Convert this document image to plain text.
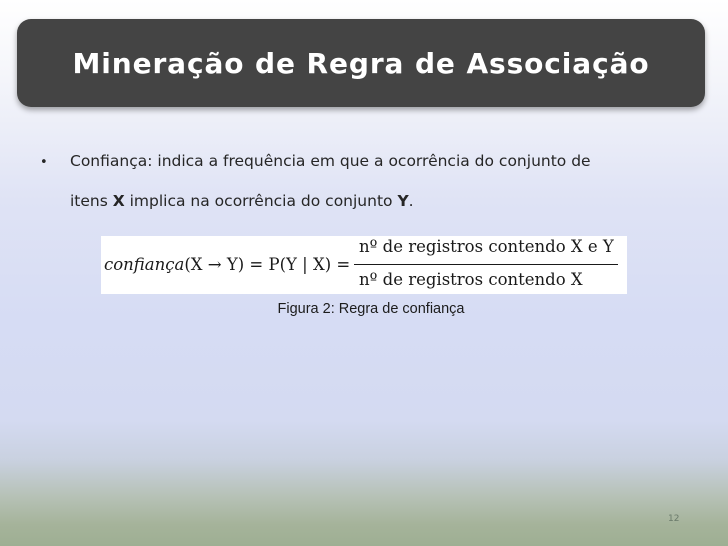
Mineração de Regra de Associação
• Confiança: indica a frequência em que a ocorrência do conjunto de
itens X implica na ocorrência do conjunto Y.
confiança(X → Y) = P(Y | X) =
nº de registros contendo X e Y
nº de registros contendo X
Figura 2: Regra de confiança
12
